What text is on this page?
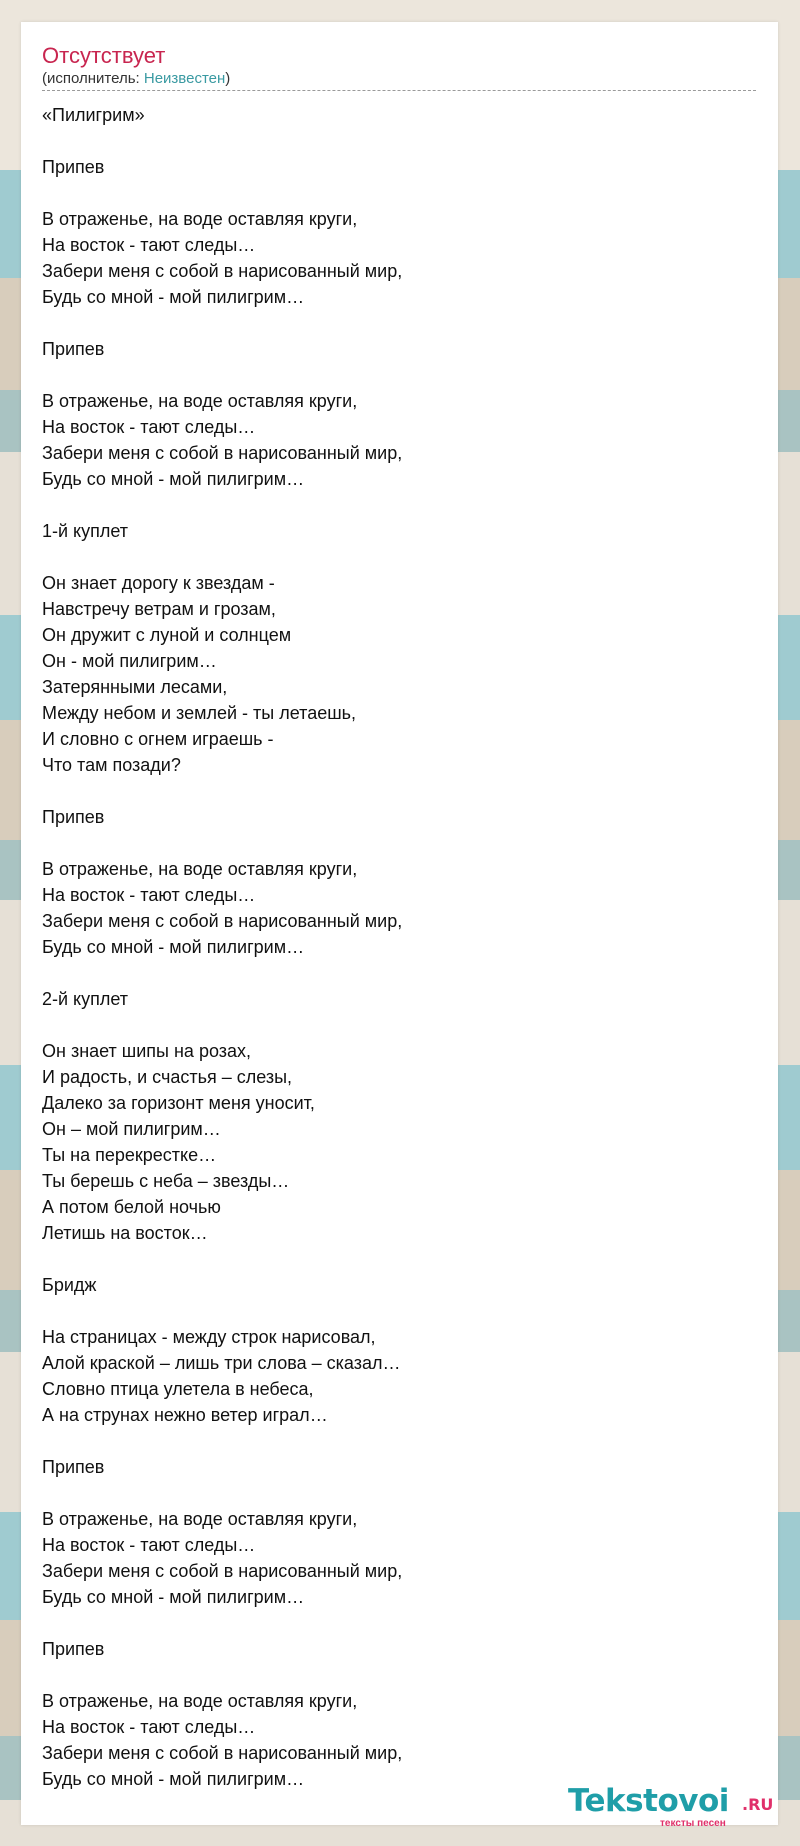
Отсутствует
(исполнитель: Неизвестен)
«Пилигрим»
Припев
В отраженье, на воде оставляя круги,
На восток - тают следы…
Забери меня с собой в нарисованный мир,
Будь со мной - мой пилигрим…
Припев
В отраженье, на воде оставляя круги,
На восток - тают следы…
Забери меня с собой в нарисованный мир,
Будь со мной - мой пилигрим…
1-й куплет
Он знает дорогу к звездам -
Навстречу ветрам и грозам,
Он дружит с луной и солнцем
Он - мой пилигрим…
Затерянными лесами,
Между небом и землей - ты летаешь,
И словно с огнем играешь -
Что там позади?
Припев
В отраженье, на воде оставляя круги,
На восток - тают следы…
Забери меня с собой в нарисованный мир,
Будь со мной - мой пилигрим…
2-й куплет
Он знает шипы на розах,
И радость, и счастья – слезы,
Далеко за горизонт меня уносит,
Он – мой пилигрим…
Ты на перекрестке…
Ты берешь с неба – звезды…
А потом белой ночью
Летишь на восток…
Бридж
На страницах - между строк нарисовал,
Алой краской – лишь три слова – сказал…
Словно птица улетела в небеса,
А на струнах нежно ветер играл…
Припев
В отраженье, на воде оставляя круги,
На восток - тают следы…
Забери меня с собой в нарисованный мир,
Будь со мной - мой пилигрим…
Припев
В отраженье, на воде оставляя круги,
На восток - тают следы…
Забери меня с собой в нарисованный мир,
Будь со мной - мой пилигрим…
Tekstovoi .RU
тексты песен
